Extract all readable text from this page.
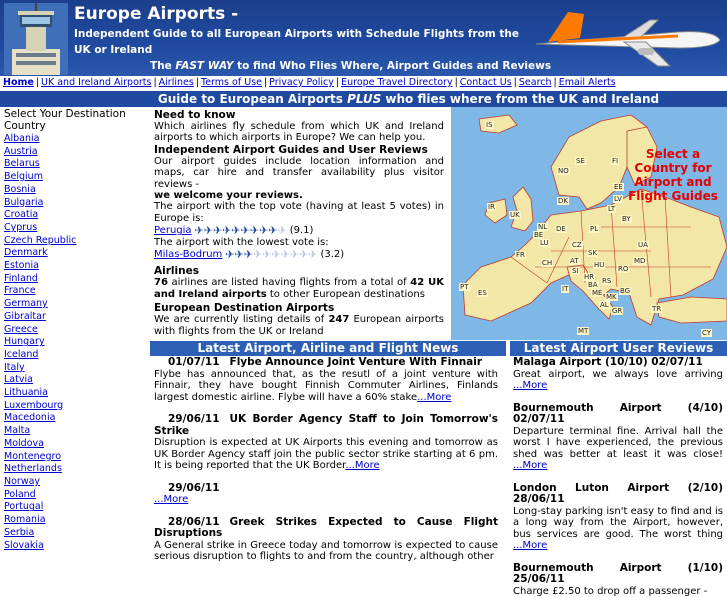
Europe Airports -
Independent Guide to all European Airports with Schedule Flights from the UK or Ireland
The FAST WAY to find Who Flies Where, Airport Guides and Reviews
Home | UK and Ireland Airports | Airlines | Terms of Use | Privacy Policy | Europe Travel Directory | Contact Us | Search | Email Alerts
Guide to European Airports PLUS who flies where from the UK and Ireland
Select Your Destination Country
Albania
Austria
Belarus
Belgium
Bosnia
Bulgaria
Croatia
Cyprus
Czech Republic
Denmark
Estonia
Finland
France
Germany
Gibraltar
Greece
Hungary
Iceland
Italy
Latvia
Lithuania
Luxembourg
Macedonia
Malta
Moldova
Montenegro
Netherlands
Norway
Poland
Portugal
Romania
Serbia
Slovakia
Need to know

Which airlines fly schedule from which UK and Ireland airports to which airports in Europe? We can help you.

Independent Airport Guides and User Reviews

Our airport guides include location information and maps, car hire and transfer availability plus visitor reviews -

we welcome your reviews.

The airport with the top vote (having at least 5 votes) in Europe is:

Perugia ✈ ✈ ✈ ✈ ✈ ✈ ✈ ✈ ✈ ✈ (9.1)

The airport with the lowest vote is:

Milas-Bodrum ✈ ✈ ✈ ✈ ✈ ✈ ✈ ✈ ✈ ✈ (3.2)
Airlines

76 airlines are listed having flights from a total of 42 UK and Ireland airports to other European destinations

European Destination Airports

We are currently listing details of 247 European airports with flights from the UK or Ireland

IS
NO
SE	FI
EE
LV
LT
BY
UK
IR
DK
NL
BE
LU
DE	PL
UA
CZ
SK
AT
CH
FR
HU RO
MD
SI
HR
BA RS
BG
ME MK
AL
IT
ES
PT
GR	TR
CY
MT
Select a Country for Airport and Flight Guides
Latest Airport, Airline and Flight News
01/07/11 Flybe Announce Joint Venture With Finnair
Flybe has announced that, as the resutl of a joint venture with Finnair, they have bought Finnish Commuter Airlines, Finlands largest domestic airline. Flybe will have a 60% stake...More
29/06/11 UK Border Agency Staff to Join Tomorrow's Strike
Disruption is expected at UK Airports this evening and tomorrow as UK Border Agency staff join the public sector strike starting at 6 pm. It is being reported that the UK Border...More
29/06/11
...More
28/06/11 Greek Strikes Expected to Cause Flight Disruptions
A General strike in Greece today and tomorrow is expected to cause serious disruption to flights to and from the country, although other
Latest Airport User Reviews
Malaga Airport (10/10) 02/07/11
Great airport, we always love arriving ...More
Bournemouth Airport (4/10) 02/07/11
Departure terminal fine. Arrival hall the worst I have experienced, the previous shed was better at least it was close! ...More
London Luton Airport (2/10) 28/06/11
Long-stay parking isn't easy to find and is a long way from the Airport, however, bus services are good. The worst thing ...More
Bournemouth Airport (1/10) 25/06/11
Charge £2.50 to drop off a passenger -
